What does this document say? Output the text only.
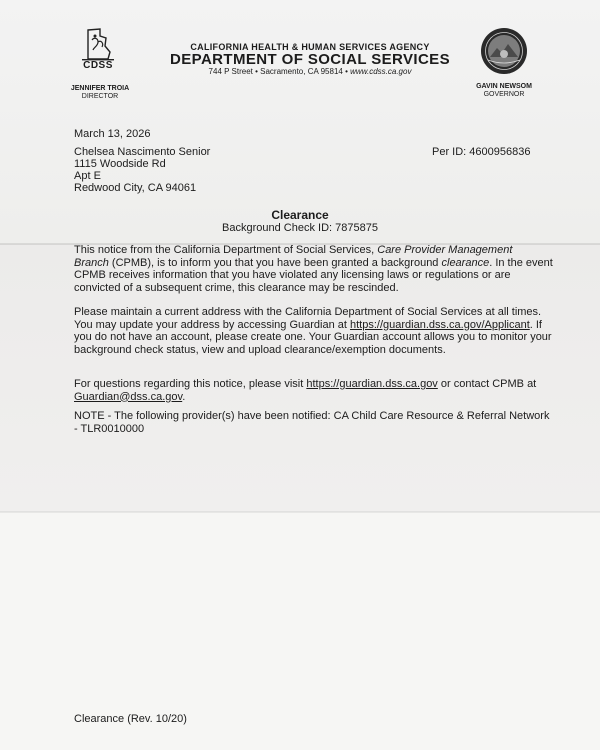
CDSS
JENNIFER TROIA
DIRECTOR
CALIFORNIA HEALTH & HUMAN SERVICES AGENCY
DEPARTMENT OF SOCIAL SERVICES
744 P Street • Sacramento, CA 95814 • www.cdss.ca.gov
GAVIN NEWSOM
GOVERNOR
March 13, 2026
Chelsea Nascimento Senior
1115 Woodside Rd
Apt E
Redwood City, CA 94061
Per ID: 4600956836
Clearance
Background Check ID: 7875875
This notice from the California Department of Social Services, Care Provider Management
Branch (CPMB), is to inform you that you have been granted a background clearance. In the event CPMB receives information that you have violated any licensing laws or regulations or are convicted of a subsequent crime, this clearance may be rescinded.
Please maintain a current address with the California Department of Social Services at all times. You may update your address by accessing Guardian at https://guardian.dss.ca.gov/Applicant. If you do not have an account, please create one. Your Guardian account allows you to monitor your background check status, view and upload clearance/exemption documents.
For questions regarding this notice, please visit https://guardian.dss.ca.gov or contact CPMB at Guardian@dss.ca.gov.
NOTE - The following provider(s) have been notified: CA Child Care Resource & Referral Network - TLR0010000
Clearance (Rev. 10/20)
